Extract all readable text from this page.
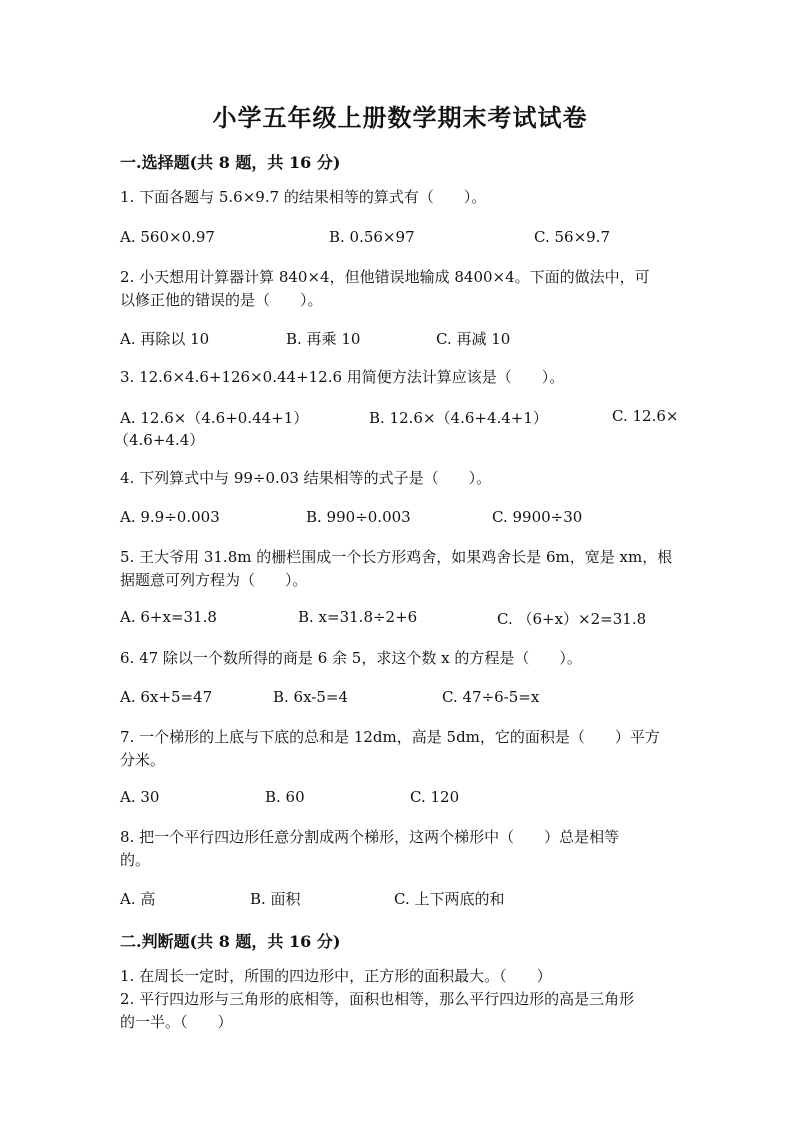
小学五年级上册数学期末考试试卷
一.选择题(共 8 题，共 16 分)
1. 下面各题与 5.6×9.7 的结果相等的算式有（　　）。
A. 560×0.97	B. 0.56×97	C. 56×9.7
2. 小天想用计算器计算 840×4，但他错误地输成 8400×4。下面的做法中，可
以修正他的错误的是（　　）。
A. 再除以 10	B. 再乘 10	C. 再减 10
3. 12.6×4.6+126×0.44+12.6 用简便方法计算应该是（　　）。
A. 12.6×（4.6+0.44+1）	B. 12.6×（4.6+4.4+1）	C. 12.6×
（4.6+4.4）
4. 下列算式中与 99÷0.03 结果相等的式子是（　　）。
A. 9.9÷0.003	B. 990÷0.003	C. 9900÷30
5. 王大爷用 31.8m 的栅栏围成一个长方形鸡舍，如果鸡舍长是 6m，宽是 xm，根
据题意可列方程为（　　）。
A. 6+x=31.8	B. x=31.8÷2+6	C. （6+x）×2=31.8
6. 47 除以一个数所得的商是 6 余 5，求这个数 x 的方程是（　　）。
A. 6x+5=47	B. 6x-5=4	C. 47÷6-5=x
7. 一个梯形的上底与下底的总和是 12dm，高是 5dm，它的面积是（　　）平方
分米。
A. 30	B. 60	C. 120
8. 把一个平行四边形任意分割成两个梯形，这两个梯形中（　　）总是相等
的。
A. 高	B. 面积	C. 上下两底的和
二.判断题(共 8 题，共 16 分)
1. 在周长一定时，所围的四边形中，正方形的面积最大。（　　）
2. 平行四边形与三角形的底相等，面积也相等，那么平行四边形的高是三角形
的一半。（　　）
